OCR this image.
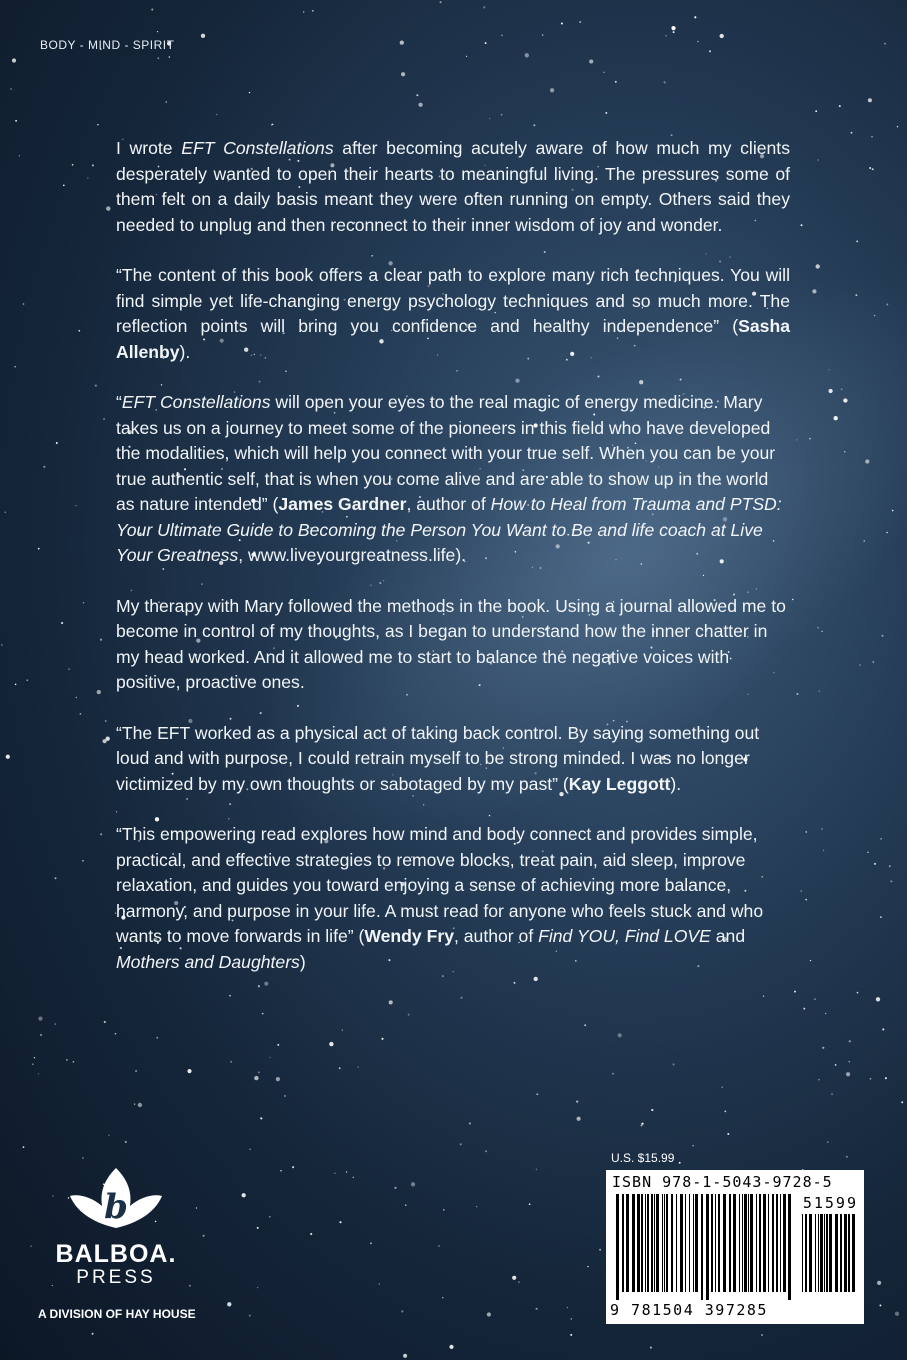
BODY - MIND - SPIRIT

I wrote EFT Constellations after becoming acutely aware of how much my clients desperately wanted to open their hearts to meaningful living. The pressures some of them felt on a daily basis meant they were often running on empty. Others said they needed to unplug and then reconnect to their inner wisdom of joy and wonder.

“The content of this book offers a clear path to explore many rich techniques. You will find simple yet life-changing energy psychology techniques and so much more. The reflection points will bring you confidence and healthy independence” (Sasha Allenby).

“EFT Constellations will open your eyes to the real magic of energy medicine. Mary takes us on a journey to meet some of the pioneers in this field who have developed the modalities, which will help you connect with your true self. When you can be your true authentic self, that is when you come alive and are able to show up in the world as nature intended” (James Gardner, author of How to Heal from Trauma and PTSD: Your Ultimate Guide to Becoming the Person You Want to Be and life coach at Live Your Greatness, www.liveyourgreatness.life).

My therapy with Mary followed the methods in the book. Using a journal allowed me to become in control of my thoughts, as I began to understand how the inner chatter in my head worked. And it allowed me to start to balance the negative voices with positive, proactive ones.

“The EFT worked as a physical act of taking back control. By saying something out loud and with purpose, I could retrain myself to be strong minded. I was no longer victimized by my own thoughts or sabotaged by my past” (Kay Leggott).

“This empowering read explores how mind and body connect and provides simple, practical, and effective strategies to remove blocks, treat pain, aid sleep, improve relaxation, and guides you toward enjoying a sense of achieving more balance, harmony, and purpose in your life. A must read for anyone who feels stuck and who wants to move forwards in life” (Wendy Fry, author of Find YOU, Find LOVE and Mothers and Daughters)

b
BALBOA.
PRESS
A DIVISION OF HAY HOUSE
U.S. $15.99
ISBN 978-1-5043-9728-5
51599
9 781504 397285
